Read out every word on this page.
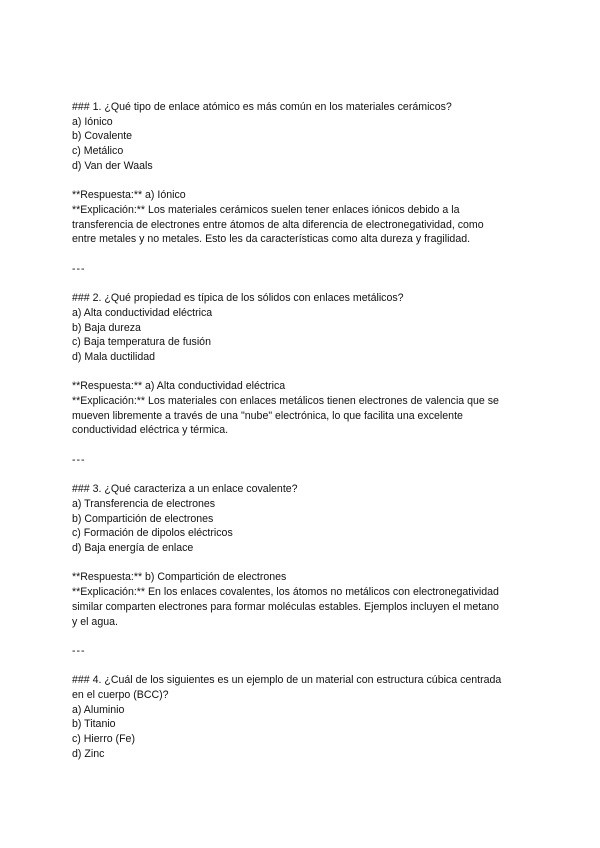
### 1. ¿Qué tipo de enlace atómico es más común en los materiales cerámicos?
a) Iónico
b) Covalente
c) Metálico
d) Van der Waals
**Respuesta:** a) Iónico
**Explicación:** Los materiales cerámicos suelen tener enlaces iónicos debido a la
transferencia de electrones entre átomos de alta diferencia de electronegatividad, como
entre metales y no metales. Esto les da características como alta dureza y fragilidad.
---
### 2. ¿Qué propiedad es típica de los sólidos con enlaces metálicos?
a) Alta conductividad eléctrica
b) Baja dureza
c) Baja temperatura de fusión
d) Mala ductilidad
**Respuesta:** a) Alta conductividad eléctrica
**Explicación:** Los materiales con enlaces metálicos tienen electrones de valencia que se
mueven libremente a través de una "nube" electrónica, lo que facilita una excelente
conductividad eléctrica y térmica.
---
### 3. ¿Qué caracteriza a un enlace covalente?
a) Transferencia de electrones
b) Compartición de electrones
c) Formación de dipolos eléctricos
d) Baja energía de enlace
**Respuesta:** b) Compartición de electrones
**Explicación:** En los enlaces covalentes, los átomos no metálicos con electronegatividad
similar comparten electrones para formar moléculas estables. Ejemplos incluyen el metano
y el agua.
---
### 4. ¿Cuál de los siguientes es un ejemplo de un material con estructura cúbica centrada
en el cuerpo (BCC)?
a) Aluminio
b) Titanio
c) Hierro (Fe)
d) Zinc
